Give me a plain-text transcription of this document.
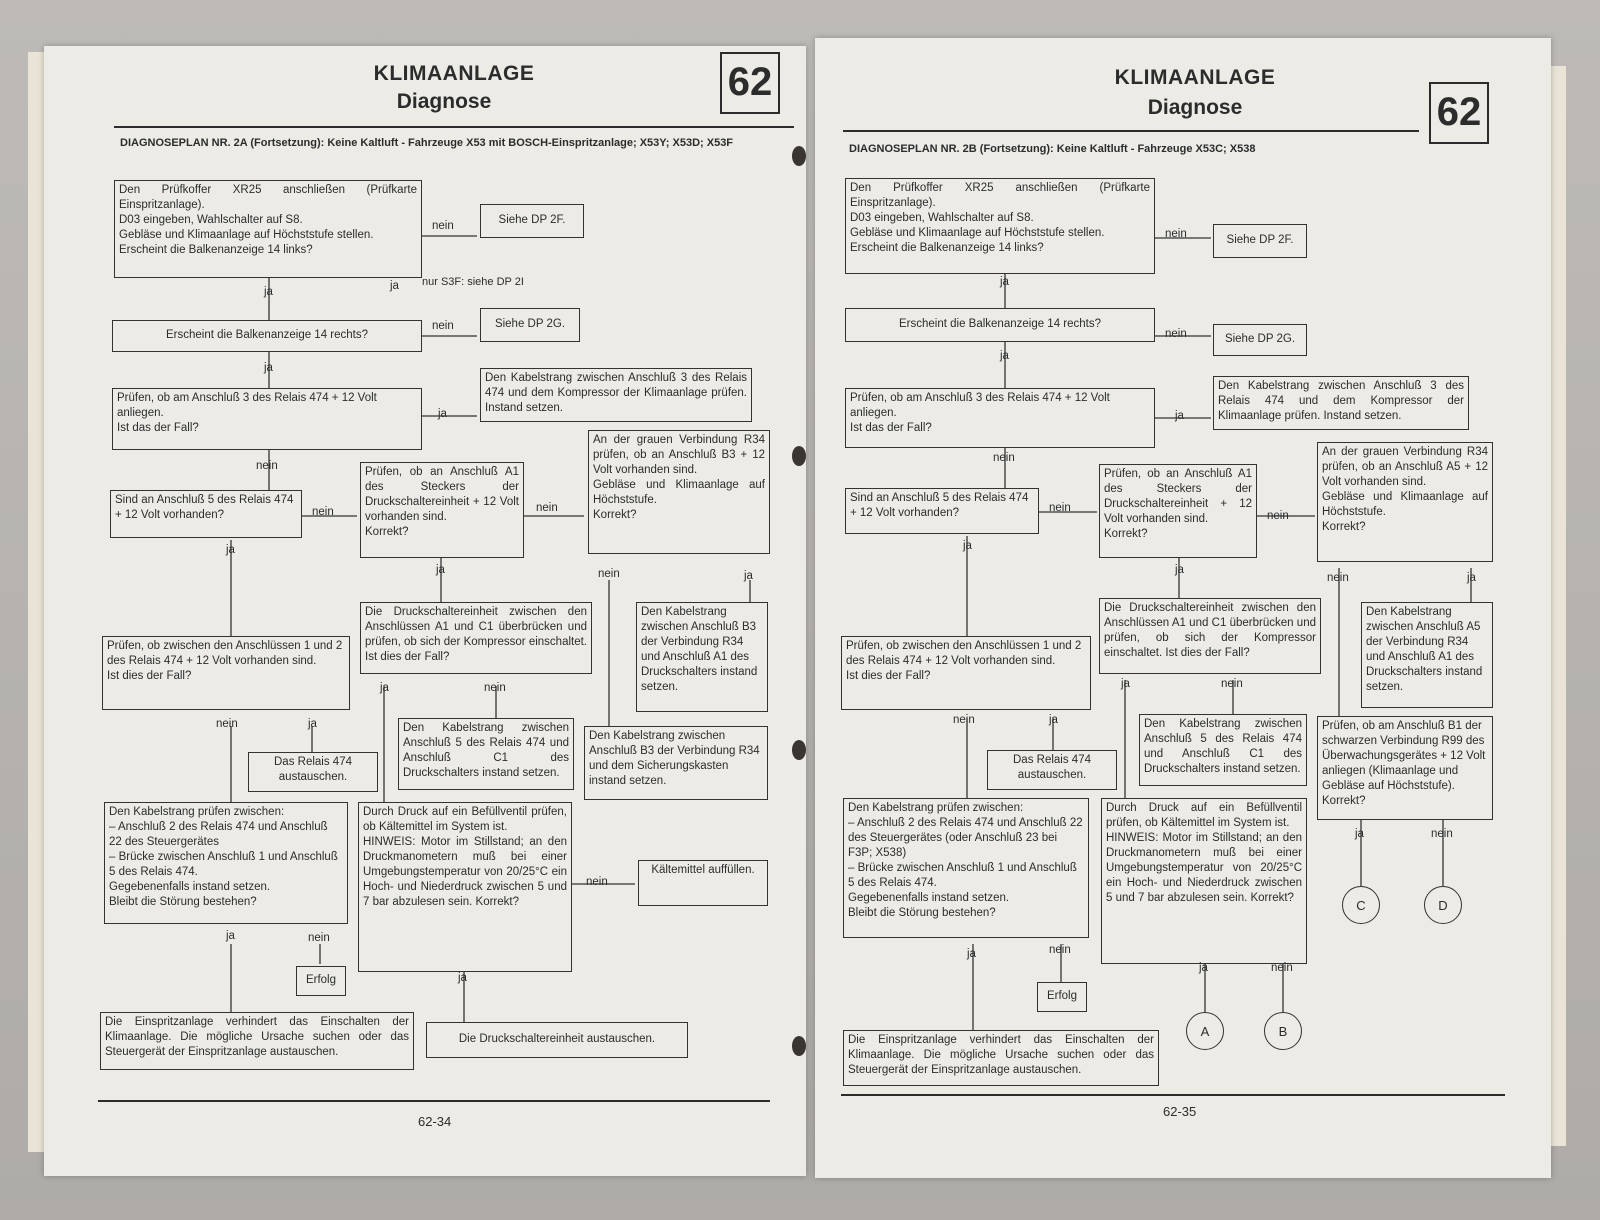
KLIMAANLAGE
Diagnose	62
DIAGNOSEPLAN NR. 2A (Fortsetzung): Keine Kaltluft - Fahrzeuge X53 mit BOSCH-Einspritzanlage; X53Y; X53D; X53F
Den Prüfkoffer XR25 anschließen (Prüfkarte Einspritzanlage).
D03 eingeben, Wahlschalter auf S8.
Gebläse und Klimaanlage auf Höchststufe stellen.
Erscheint die Balkenanzeige 14 links?
nein	Siehe DP 2F.
ja	ja nur S3F: siehe DP 2I
Erscheint die Balkenanzeige 14 rechts?
nein	Siehe DP 2G.
ja
Prüfen, ob am Anschluß 3 des Relais 474 + 12 Volt anliegen.
Ist das der Fall?
ja
Den Kabelstrang zwischen Anschluß 3 des Relais 474 und dem Kompressor der Klimaanlage prüfen. Instand setzen.
nein
Sind an Anschluß 5 des Relais 474 + 12 Volt vorhanden?	nein
Prüfen, ob an Anschluß A1 des Steckers der Druckschaltereinheit + 12 Volt vorhanden sind.
Korrekt?
nein
An der grauen Verbindung R34 prüfen, ob an Anschluß B3 + 12 Volt vorhanden sind.
Gebläse und Klimaanlage auf Höchststufe.
Korrekt?
ja
ja	nein	ja
Die Druckschaltereinheit zwischen den Anschlüssen A1 und C1 überbrücken und prüfen, ob sich der Kompressor einschaltet. Ist dies der Fall?
Den Kabelstrang zwischen Anschluß B3 der Verbindung R34 und Anschluß A1 des Druckschalters instand setzen.
Prüfen, ob zwischen den Anschlüssen 1 und 2 des Relais 474 + 12 Volt vorhanden sind.
Ist dies der Fall?
ja	nein
Den Kabelstrang zwischen Anschluß 5 des Relais 474 und Anschluß C1 des Druckschalters instand setzen.
Den Kabelstrang zwischen Anschluß B3 der Verbindung R34 und dem Sicherungskasten instand setzen.
nein	ja
Das Relais 474 austauschen.
Den Kabelstrang prüfen zwischen:
– Anschluß 2 des Relais 474 und Anschluß 22 des Steuergerätes
– Brücke zwischen Anschluß 1 und Anschluß 5 des Relais 474.
Gegebenenfalls instand setzen.
Bleibt die Störung bestehen?
Durch Druck auf ein Befüllventil prüfen, ob Kältemittel im System ist.
HINWEIS: Motor im Stillstand; an den Druckmanometern muß bei einer Umgebungstemperatur von 20/25°C ein Hoch- und Niederdruck zwischen 5 und 7 bar abzulesen sein. Korrekt?
nein
Kältemittel auffüllen.
ja	nein
Erfolg	ja
Die Einspritzanlage verhindert das Einschalten der Klimaanlage. Die mögliche Ursache suchen oder das Steuergerät der Einspritzanlage austauschen.
Die Druckschaltereinheit austauschen.
62-34
KLIMAANLAGE
Diagnose	62
DIAGNOSEPLAN NR. 2B (Fortsetzung): Keine Kaltluft - Fahrzeuge X53C; X538
Den Prüfkoffer XR25 anschließen (Prüfkarte Einspritzanlage).
D03 eingeben, Wahlschalter auf S8.
Gebläse und Klimaanlage auf Höchststufe stellen.
Erscheint die Balkenanzeige 14 links?
nein	Siehe DP 2F.
ja
Erscheint die Balkenanzeige 14 rechts?
nein	Siehe DP 2G.
ja
Prüfen, ob am Anschluß 3 des Relais 474 + 12 Volt anliegen.
Ist das der Fall?
ja
Den Kabelstrang zwischen Anschluß 3 des Relais 474 und dem Kompressor der Klimaanlage prüfen. Instand setzen.
nein
Sind an Anschluß 5 des Relais 474 + 12 Volt vorhanden?	nein
Prüfen, ob an Anschluß A1 des Steckers der Druckschaltereinheit + 12 Volt vorhanden sind.
Korrekt?
nein
An der grauen Verbindung R34 prüfen, ob an Anschluß A5 + 12 Volt vorhanden sind.
Gebläse und Klimaanlage auf Höchststufe.
Korrekt?
ja
ja
nein	ja
Die Druckschaltereinheit zwischen den Anschlüssen A1 und C1 überbrücken und prüfen, ob sich der Kompressor einschaltet. Ist dies der Fall?
Den Kabelstrang zwischen Anschluß A5 der Verbindung R34 und Anschluß A1 des Druckschalters instand setzen.
Prüfen, ob zwischen den Anschlüssen 1 und 2 des Relais 474 + 12 Volt vorhanden sind.
Ist dies der Fall?
ja	nein
Den Kabelstrang zwischen Anschluß 5 des Relais 474 und Anschluß C1 des Druckschalters instand setzen.
Prüfen, ob am Anschluß B1 der schwarzen Verbindung R99 des Überwachungsgerätes + 12 Volt anliegen (Klimaanlage und Gebläse auf Höchststufe). Korrekt?
nein	ja
Das Relais 474 austauschen.
ja	nein
Den Kabelstrang prüfen zwischen:
– Anschluß 2 des Relais 474 und Anschluß 22 des Steuergerätes (oder Anschluß 23 bei F3P; X538)
– Brücke zwischen Anschluß 1 und Anschluß 5 des Relais 474.
Gegebenenfalls instand setzen.
Bleibt die Störung bestehen?
Durch Druck auf ein Befüllventil prüfen, ob Kältemittel im System ist.
HINWEIS: Motor im Stillstand; an den Druckmanometern muß bei einer Umgebungstemperatur von 20/25°C ein Hoch- und Niederdruck zwischen 5 und 7 bar abzulesen sein. Korrekt?	C	D
ja	nein
ja	nein
Erfolg
A	B
Die Einspritzanlage verhindert das Einschalten der Klimaanlage. Die mögliche Ursache suchen oder das Steuergerät der Einspritzanlage austauschen.
62-35
